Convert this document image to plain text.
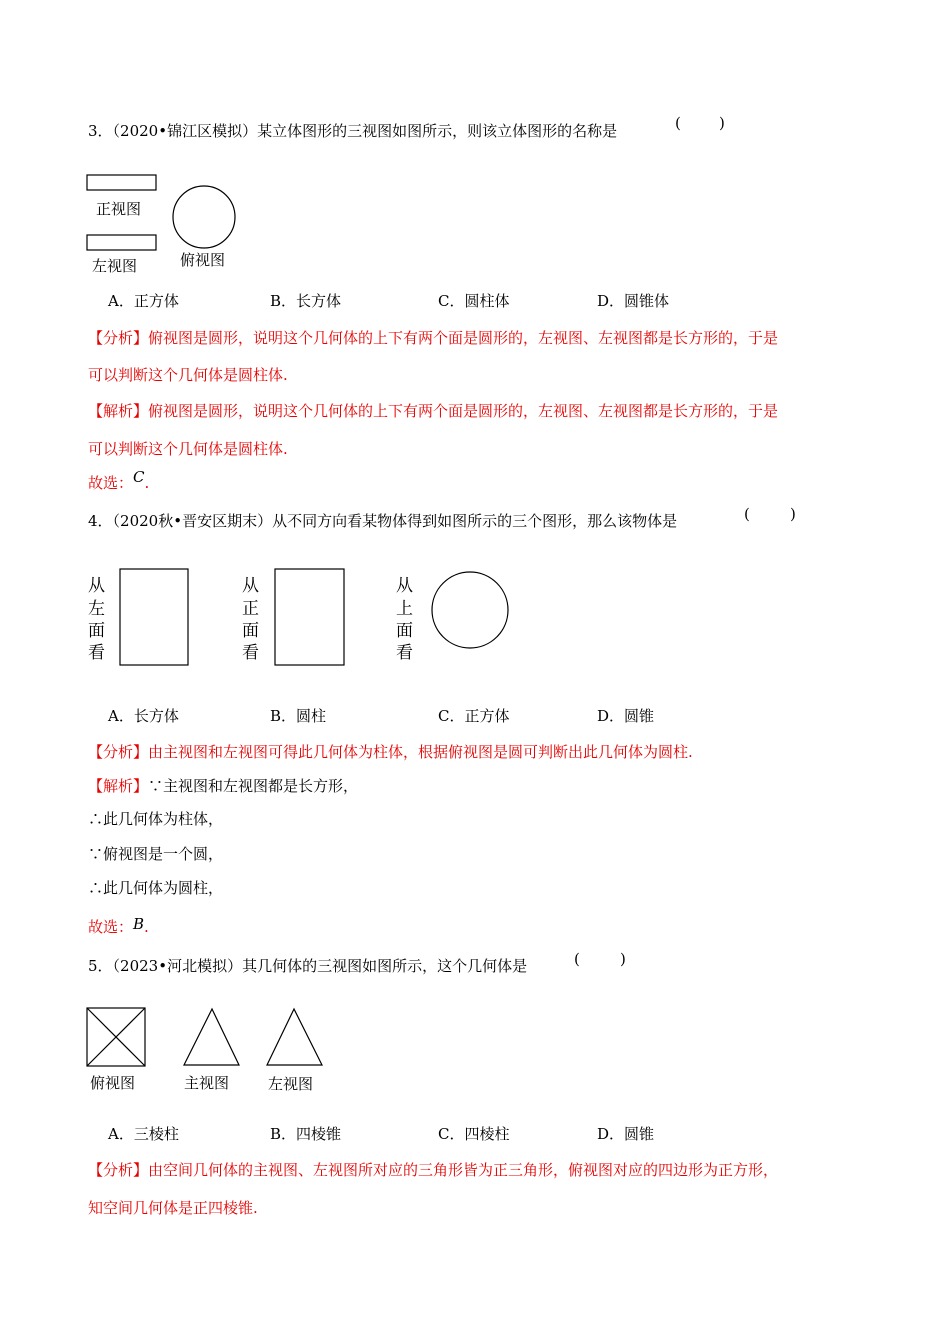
3．（2020•锦江区模拟）某立体图形的三视图如图所示，则该立体图形的名称是	(	)
正视图
左视图	俯视图
A．正方体	B．长方体	C．圆柱体	D．圆锥体
【分析】俯视图是圆形，说明这个几何体的上下有两个面是圆形的，左视图、左视图都是长方形的，于是
可以判断这个几何体是圆柱体.
【解析】俯视图是圆形，说明这个几何体的上下有两个面是圆形的，左视图、左视图都是长方形的，于是
可以判断这个几何体是圆柱体.
故选：C.
4．（2020秋•晋安区期末）从不同方向看某物体得到如图所示的三个图形，那么该物体是	(	)
从
左
面
看
从
正
面
看
从
上
面
看
A．长方体	B．圆柱	C．正方体	D．圆锥
【分析】由主视图和左视图可得此几何体为柱体，根据俯视图是圆可判断出此几何体为圆柱.
【解析】∵主视图和左视图都是长方形，
∴此几何体为柱体，
∵俯视图是一个圆，
∴此几何体为圆柱，
故选：B.
5．（2023•河北模拟）其几何体的三视图如图所示，这个几何体是	(	)
俯视图	主视图	左视图
A．三棱柱	B．四棱锥	C．四棱柱	D．圆锥
【分析】由空间几何体的主视图、左视图所对应的三角形皆为正三角形，俯视图对应的四边形为正方形，
知空间几何体是正四棱锥.
